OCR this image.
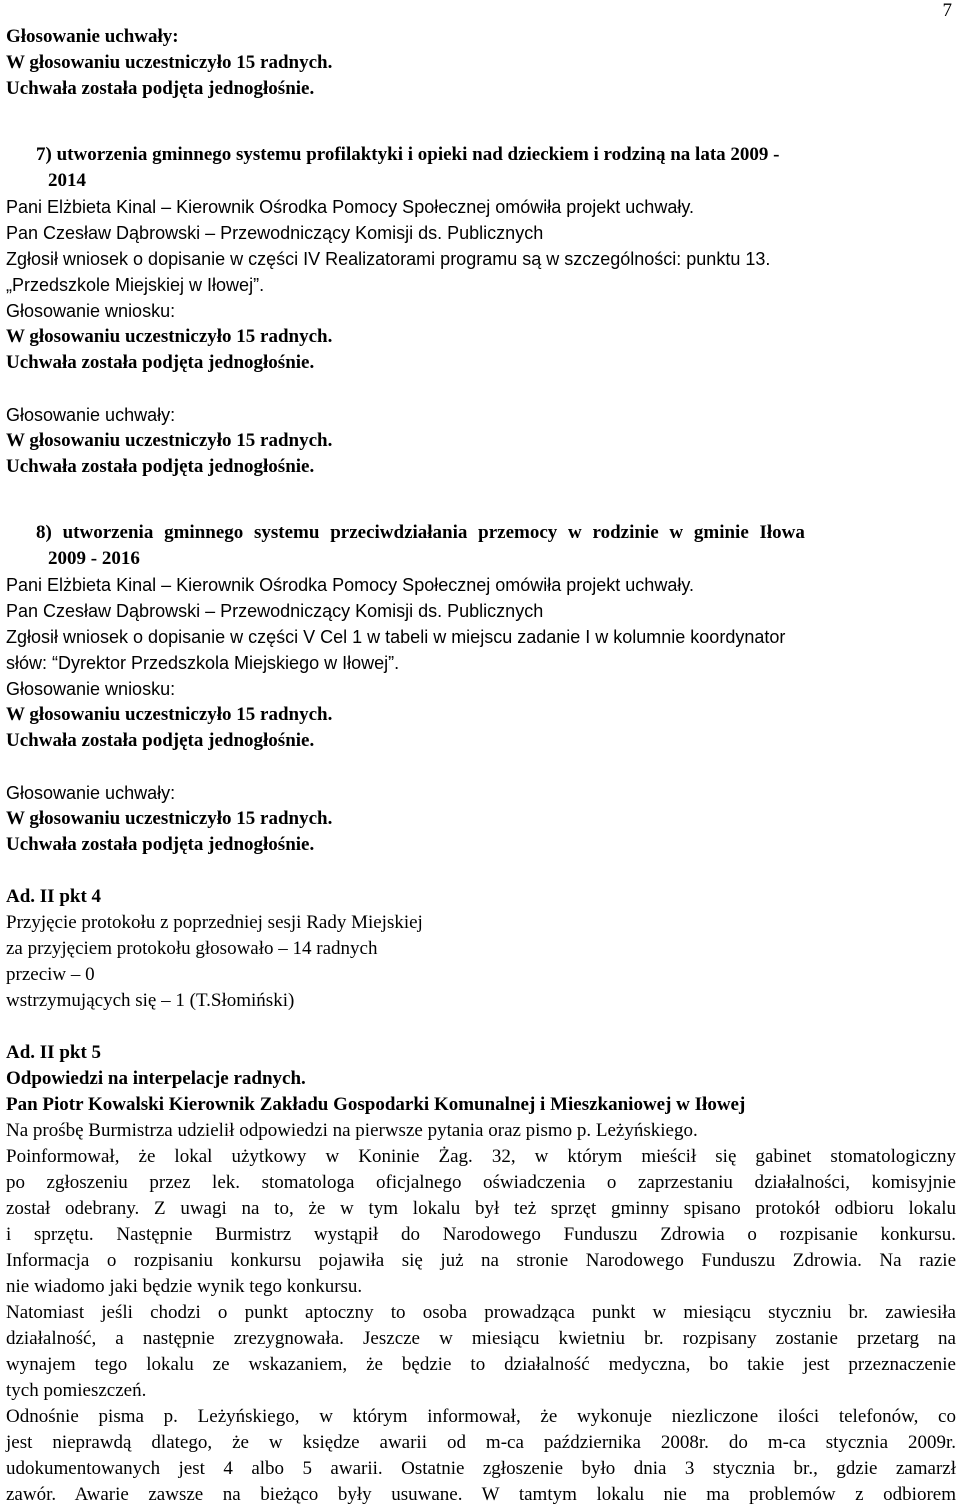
7
Głosowanie uchwały:
W głosowaniu uczestniczyło 15 radnych.
Uchwała została podjęta jednogłośnie.
7) utworzenia gminnego systemu profilaktyki i opieki nad dzieckiem i rodziną na lata 2009 -
2014
Pani Elżbieta Kinal – Kierownik Ośrodka Pomocy Społecznej omówiła projekt uchwały.
Pan Czesław Dąbrowski – Przewodniczący Komisji ds. Publicznych
Zgłosił wniosek o dopisanie w części IV Realizatorami programu są w szczególności: punktu 13.
„Przedszkole Miejskiej w Iłowej”.
Głosowanie wniosku:
W głosowaniu uczestniczyło 15 radnych.
Uchwała została podjęta jednogłośnie.
Głosowanie uchwały:
W głosowaniu uczestniczyło 15 radnych.
Uchwała została podjęta jednogłośnie.
8) utworzenia gminnego systemu przeciwdziałania przemocy w rodzinie w gminie Iłowa
2009 - 2016
Pani Elżbieta Kinal – Kierownik Ośrodka Pomocy Społecznej omówiła projekt uchwały.
Pan Czesław Dąbrowski – Przewodniczący Komisji ds. Publicznych
Zgłosił wniosek o dopisanie w części V Cel 1 w tabeli w miejscu zadanie I w kolumnie koordynator
słów: “Dyrektor Przedszkola Miejskiego w Iłowej”.
Głosowanie wniosku:
W głosowaniu uczestniczyło 15 radnych.
Uchwała została podjęta jednogłośnie.
Głosowanie uchwały:
W głosowaniu uczestniczyło 15 radnych.
Uchwała została podjęta jednogłośnie.
Ad. II pkt 4
Przyjęcie protokołu z poprzedniej sesji Rady Miejskiej
za przyjęciem protokołu głosowało – 14 radnych
przeciw – 0
wstrzymujących się – 1 (T.Słomiński)
Ad. II pkt 5
Odpowiedzi na interpelacje radnych.
Pan Piotr Kowalski Kierownik Zakładu Gospodarki Komunalnej i Mieszkaniowej w Iłowej
Na prośbę Burmistrza udzielił odpowiedzi na pierwsze pytania oraz pismo p. Leżyńskiego.
Poinformował, że lokal użytkowy w Koninie Żag. 32, w którym mieścił się gabinet stomatologiczny
po zgłoszeniu przez lek. stomatologa oficjalnego oświadczenia o zaprzestaniu działalności, komisyjnie
został odebrany. Z uwagi na to, że w tym lokalu był też sprzęt gminny spisano protokół odbioru lokalu
i sprzętu. Następnie Burmistrz wystąpił do Narodowego Funduszu Zdrowia o rozpisanie konkursu.
Informacja o rozpisaniu konkursu pojawiła się już na stronie Narodowego Funduszu Zdrowia. Na razie
nie wiadomo jaki będzie wynik tego konkursu.
Natomiast jeśli chodzi o punkt aptoczny to osoba prowadząca punkt w miesiącu styczniu br. zawiesiła
działalność, a następnie zrezygnowała. Jeszcze w miesiącu kwietniu br. rozpisany zostanie przetarg na
wynajem tego lokalu ze wskazaniem, że będzie to działalność medyczna, bo takie jest przeznaczenie
tych pomieszczeń.
Odnośnie pisma p. Leżyńskiego, w którym informował, że wykonuje niezliczone ilości telefonów, co
jest nieprawdą dlatego, że w księdze awarii od m-ca października 2008r. do m-ca stycznia 2009r.
udokumentowanych jest 4 albo 5 awarii. Ostatnie zgłoszenie było dnia 3 stycznia br., gdzie zamarzł
zawór. Awarie zawsze na bieżąco były usuwane. W tamtym lokalu nie ma problemów z odbiorem
